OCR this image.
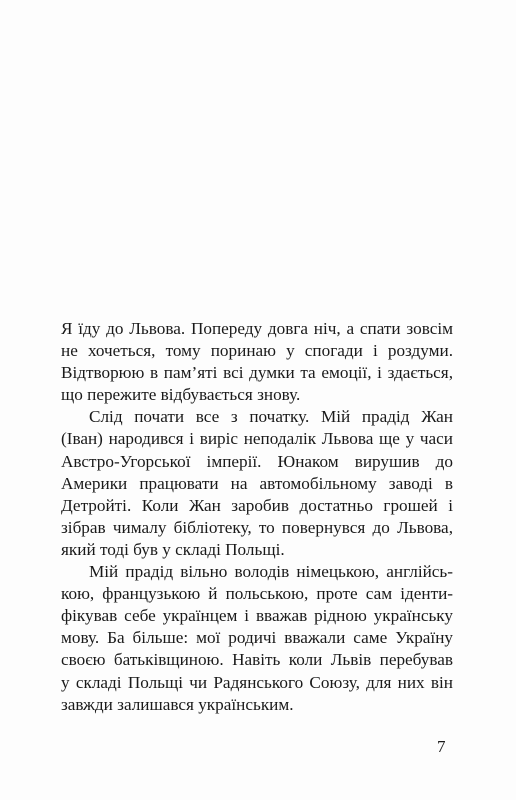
Я їду до Львова. Попереду довга ніч, а спати зовсім
не хочеться, тому поринаю у спогади і роздуми.
Відтворюю в пам’яті всі думки та емоції, і здається,
що пережите відбувається знову.
Слід почати все з початку. Мій прадід Жан
(Іван) народився і виріс неподалік Львова ще у часи
Австро-Угорської імперії. Юнаком вирушив до
Америки працювати на автомобільному заводі в
Детройті. Коли Жан заробив достатньо грошей і
зібрав чималу бібліотеку, то повернувся до Львова,
який тоді був у складі Польщі.
Мій прадід вільно володів німецькою, англійсь-
кою, французькою й польською, проте сам іденти-
фікував себе українцем і вважав рідною українську
мову. Ба більше: мої родичі вважали саме Україну
своєю батьківщиною. Навіть коли Львів перебував
у складі Польщі чи Радянського Союзу, для них він
завжди залишався українським.
7
